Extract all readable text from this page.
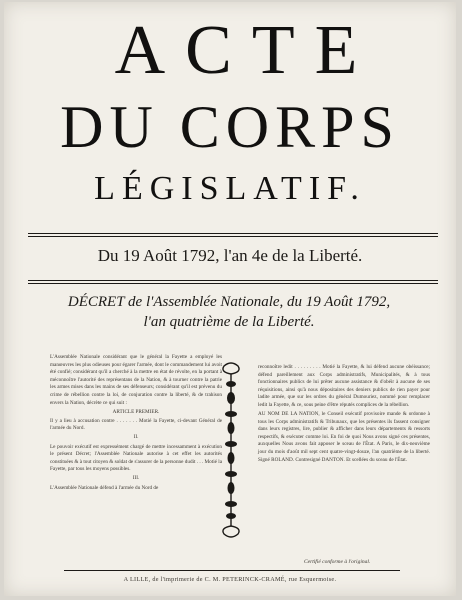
ACTE
DU CORPS
LÉGISLATIF.
Du 19 Août 1792, l'an 4e de la Liberté.
DÉCRET de l'Assemblée Nationale, du 19 Août 1792, l'an quatrième de la Liberté.

L'Assemblée Nationale considérant que le général la Fayette a employé les manœuvres les plus odieuses pour égarer l'armée, dont le commandement lui avoit été confié; considérant qu'il a cherché à la mettre en état de révolte, en la portant à méconnoître l'autorité des représentans de la Nation, & à tourner contre la patrie les armes mises dans les mains de ses défenseurs; considérant qu'il est prévenu du crime de rébellion contre la loi, de conjuration contre la liberté, & de trahison envers la Nation, décrète ce qui suit :

ARTICLE PREMIER.

Il y a lieu à accusation contre . . . . . . . Motié la Fayette, ci-devant Général de l'armée du Nord.

II.

Le pouvoir exécutif est expressément chargé de mettre incessamment à exécution le présent Décret; l'Assemblée Nationale autorise à cet effet les autorités constituées & à tout citoyen & soldat de s'assurer de la personne dudit . . . Motié la Fayette, par tous les moyens possibles.

III.

L'Assemblée Nationale défend à l'armée du Nord de

reconnoître ledit . . . . . . . . . Motié la Fayette, & lui défend aucune obéissance; défend pareillement aux Corps administratifs, Municipalités, & à tous fonctionnaires publics de lui prêter aucune assistance & d'obéir à aucune de ses réquisitions, ainsi qu'à nous dépositaires des deniers publics de rien payer pour ladite armée, que sur les ordres du général Dumouriez, nommé pour remplacer ledit la Fayette, & ce, sous peine d'être réputés complices de la rébellion.

AU NOM DE LA NATION, le Conseil exécutif provisoire mande & ordonne à tous les Corps administratifs & Tribunaux, que les présentes ils fassent consigner dans leurs registres, lire, publier & afficher dans leurs départements & ressorts respectifs, & exécuter comme loi. En foi de quoi Nous avons signé ces présentes, auxquelles Nous avons fait apposer le sceau de l'État. A Paris, le dix-neuvième jour du mois d'août mil sept cent quatre-vingt-douze, l'an quatrième de la liberté. Signé ROLAND. Contresigné DANTON. Et scellées du sceau de l'État.

Certifié conforme à l'original.
A LILLE, de l'imprimerie de C. M. PETERINCK-CRAMÉ, rue Esquermoise.
